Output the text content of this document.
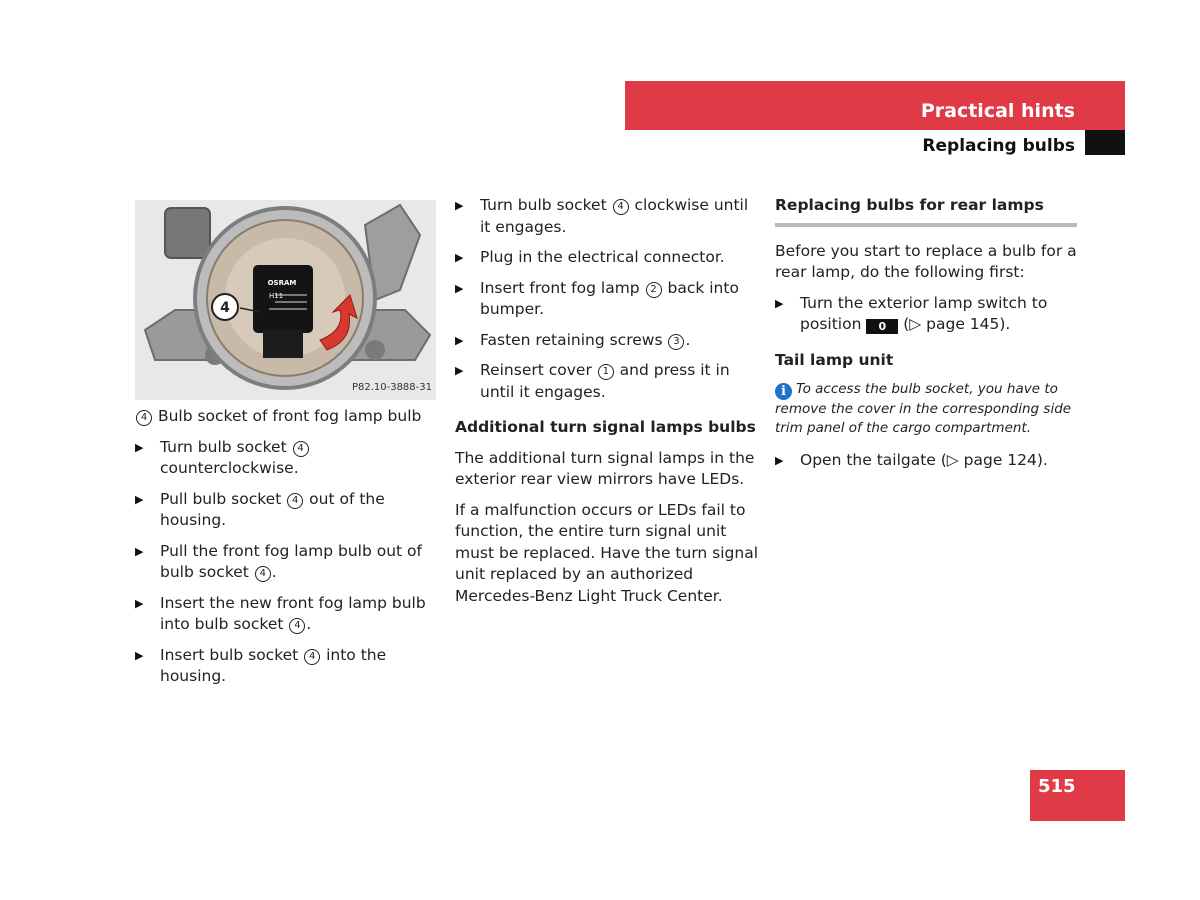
Practical hints
Replacing bulbs
OSRAM
H11
4
P82.10-3888-31
4 Bulb socket of front fog lamp bulb
▶	Turn bulb socket 4 counterclockwise.
▶	Pull bulb socket 4 out of the housing.
▶	Pull the front fog lamp bulb out of bulb socket 4 .
▶	Insert the new front fog lamp bulb into bulb socket 4 .
▶	Insert bulb socket 4 into the housing.
▶	Turn bulb socket 4 clockwise until it engages.
▶	Plug in the electrical connector.
▶	Insert front fog lamp 2 back into bumper.
▶	Fasten retaining screws 3 .
▶	Reinsert cover 1 and press it in until it engages.
Additional turn signal lamps bulbs
The additional turn signal lamps in the exterior rear view mirrors have LEDs.
If a malfunction occurs or LEDs fail to function, the entire turn signal unit must be replaced. Have the turn signal unit replaced by an authorized Mercedes-Benz Light Truck Center.
Replacing bulbs for rear lamps
Before you start to replace a bulb for a rear lamp, do the following first:
▶	Turn the exterior lamp switch to position 0 (▷ page 145).
Tail lamp unit
i To access the bulb socket, you have to remove the cover in the corresponding side trim panel of the cargo compartment.
▶	Open the tailgate (▷ page 124).
515
